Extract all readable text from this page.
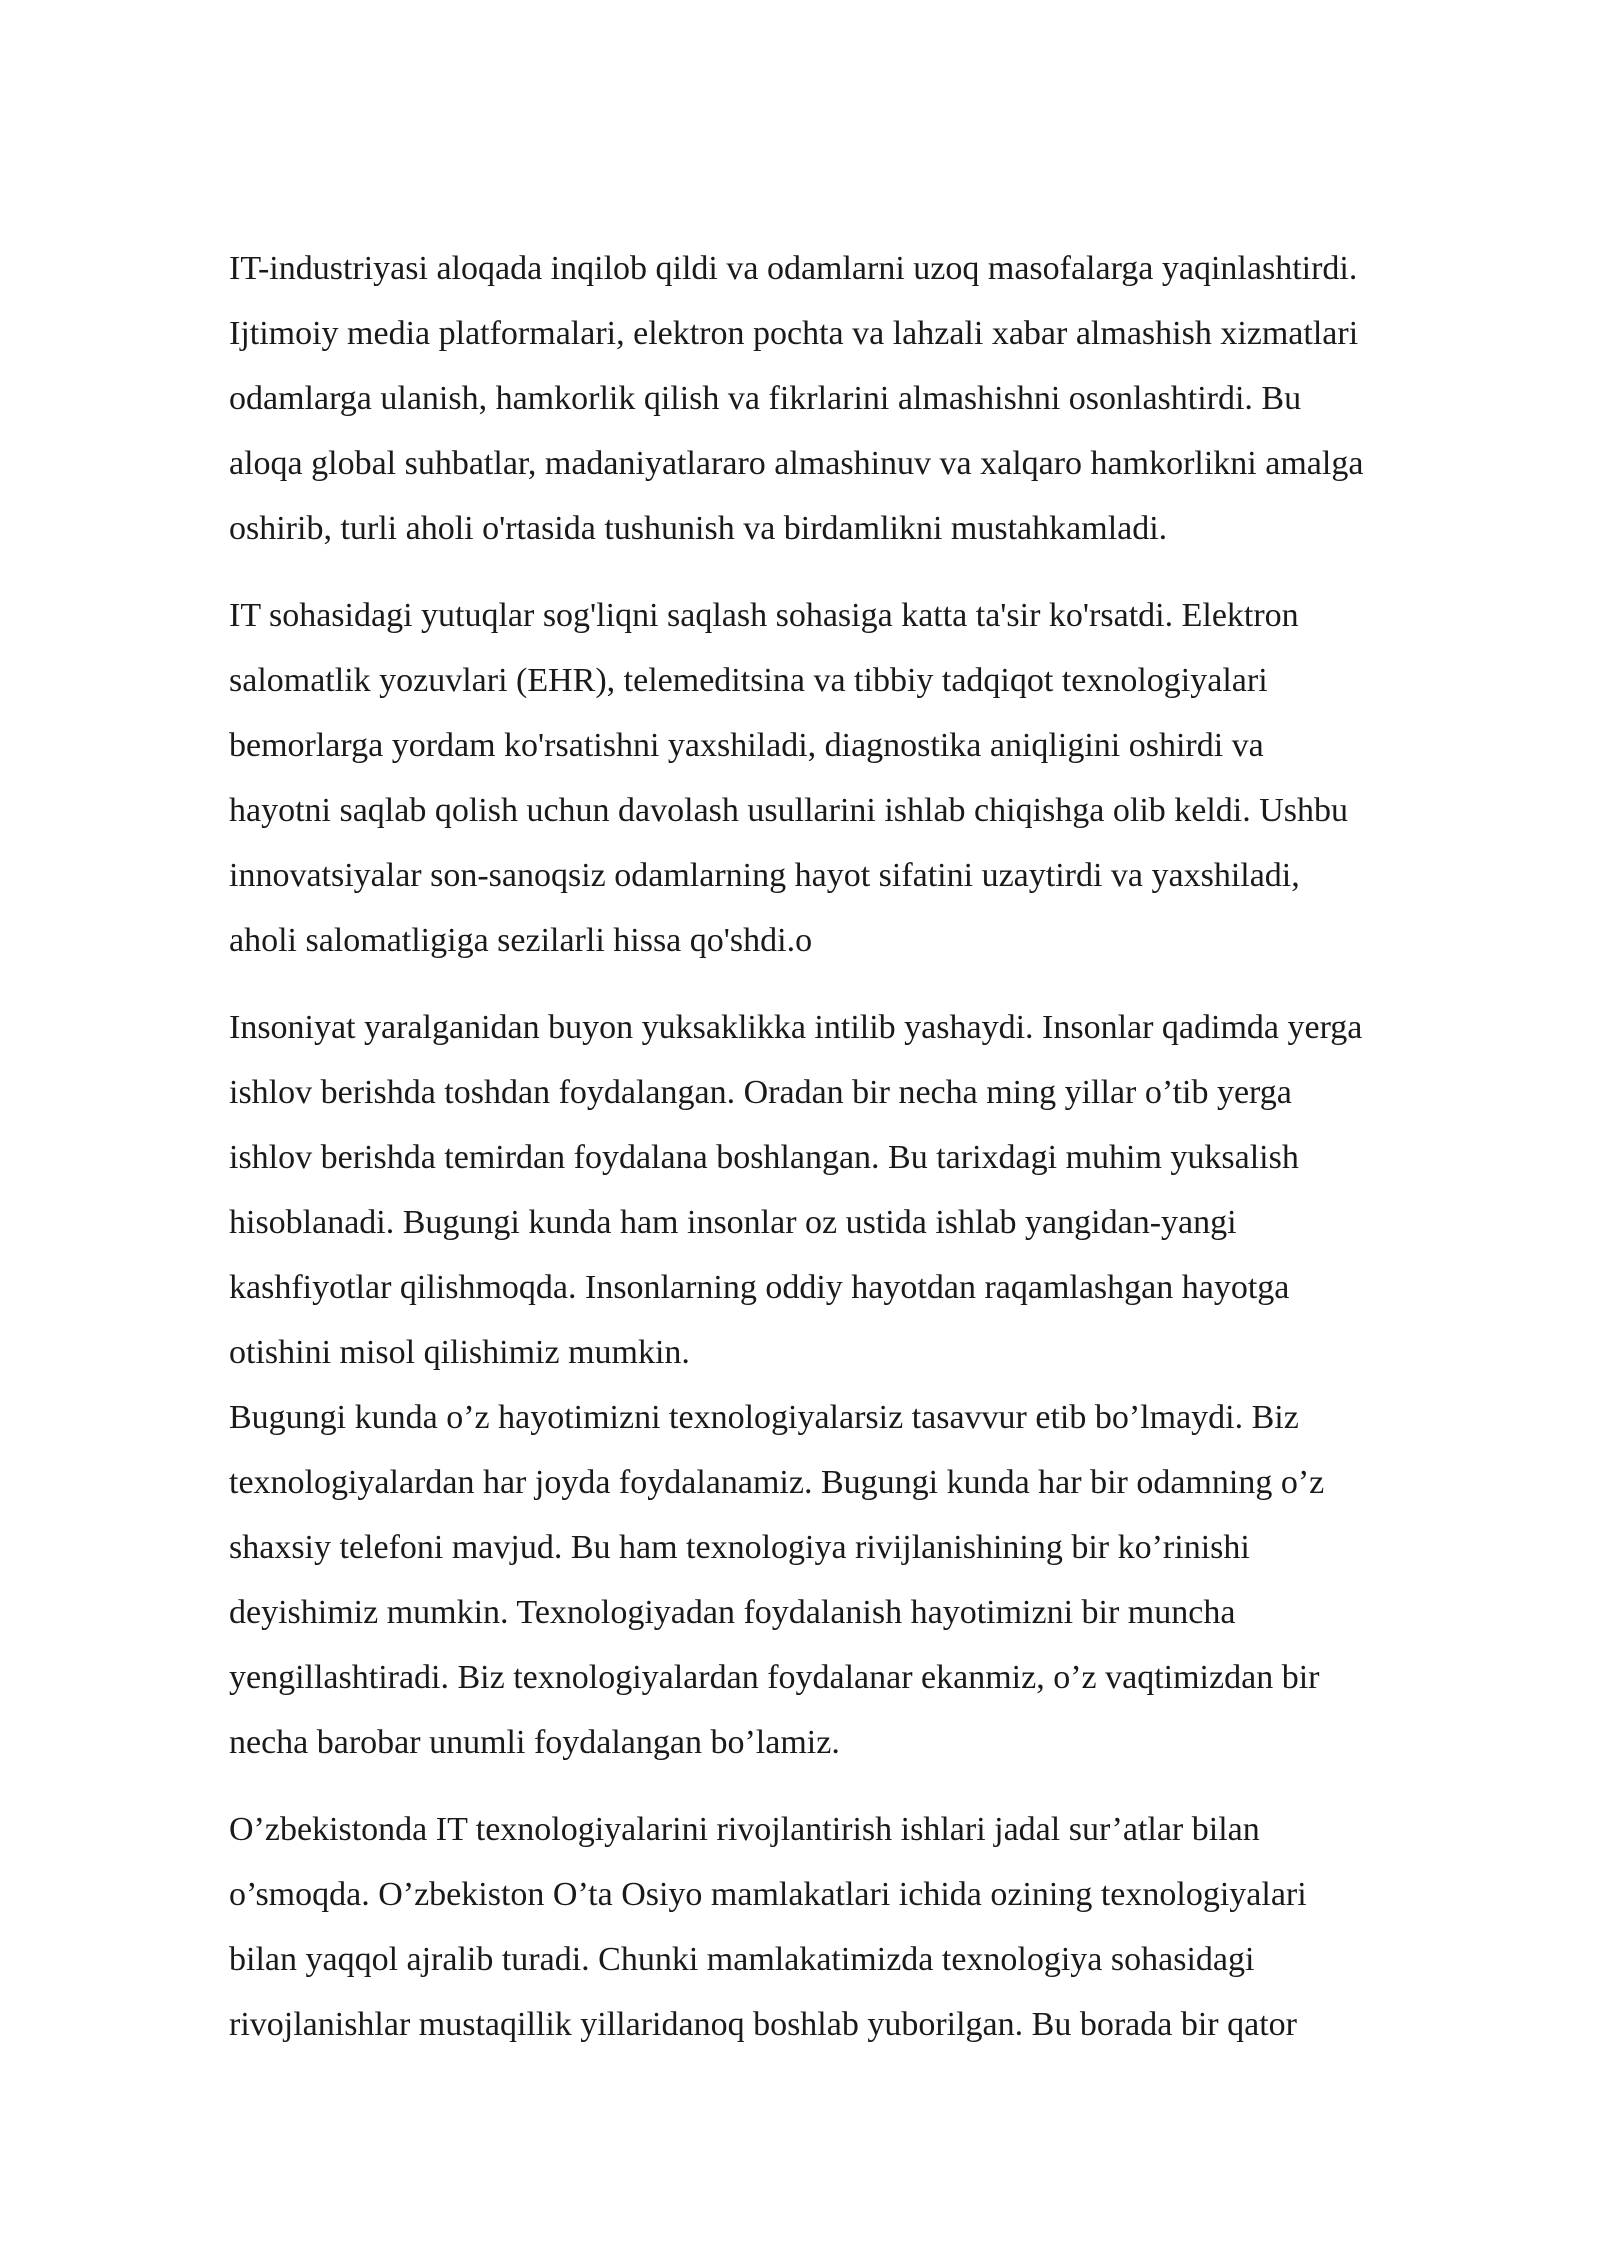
IT-industriyasi aloqada inqilob qildi va odamlarni uzoq masofalarga yaqinlashtirdi.
Ijtimoiy media platformalari, elektron pochta va lahzali xabar almashish xizmatlari
odamlarga ulanish, hamkorlik qilish va fikrlarini almashishni osonlashtirdi. Bu
aloqa global suhbatlar, madaniyatlararo almashinuv va xalqaro hamkorlikni amalga
oshirib, turli aholi o'rtasida tushunish va birdamlikni mustahkamladi.
IT sohasidagi yutuqlar sog'liqni saqlash sohasiga katta ta'sir ko'rsatdi. Elektron
salomatlik yozuvlari (EHR), telemeditsina va tibbiy tadqiqot texnologiyalari
bemorlarga yordam ko'rsatishni yaxshiladi, diagnostika aniqligini oshirdi va
hayotni saqlab qolish uchun davolash usullarini ishlab chiqishga olib keldi. Ushbu
innovatsiyalar son-sanoqsiz odamlarning hayot sifatini uzaytirdi va yaxshiladi,
aholi salomatligiga sezilarli hissa qo'shdi.o
Insoniyat yaralganidan buyon yuksaklikka intilib yashaydi. Insonlar qadimda yerga
ishlov berishda toshdan foydalangan. Oradan bir necha ming yillar o’tib yerga
ishlov berishda temirdan foydalana boshlangan. Bu tarixdagi muhim yuksalish
hisoblanadi. Bugungi kunda ham insonlar oz ustida ishlab yangidan-yangi
kashfiyotlar qilishmoqda. Insonlarning oddiy hayotdan raqamlashgan hayotga
otishini misol qilishimiz mumkin.
Bugungi kunda o’z hayotimizni texnologiyalarsiz tasavvur etib bo’lmaydi. Biz
texnologiyalardan har joyda foydalanamiz. Bugungi kunda har bir odamning o’z
shaxsiy telefoni mavjud. Bu ham texnologiya rivijlanishining bir ko’rinishi
deyishimiz mumkin. Texnologiyadan foydalanish hayotimizni bir muncha
yengillashtiradi. Biz texnologiyalardan foydalanar ekanmiz, o’z vaqtimizdan bir
necha barobar unumli foydalangan bo’lamiz.
O’zbekistonda IT texnologiyalarini rivojlantirish ishlari jadal sur’atlar bilan
o’smoqda. O’zbekiston O’ta Osiyo mamlakatlari ichida ozining texnologiyalari
bilan yaqqol ajralib turadi. Chunki mamlakatimizda texnologiya sohasidagi
rivojlanishlar mustaqillik yillaridanoq boshlab yuborilgan. Bu borada bir qator
